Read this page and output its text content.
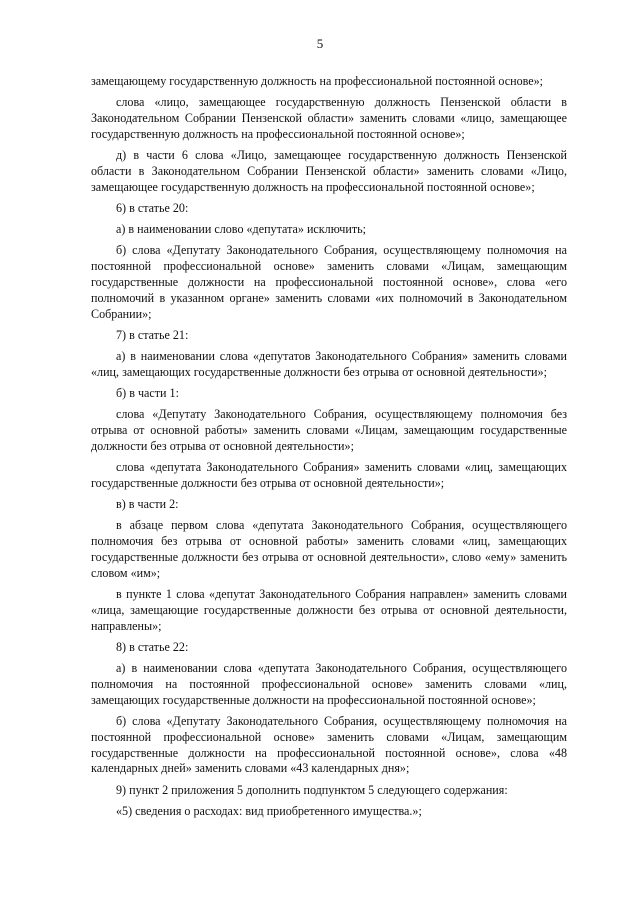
5

замещающему государственную должность на профессиональной постоянной основе»;

слова «лицо, замещающее государственную должность Пензенской области в Законодательном Собрании Пензенской области» заменить словами «лицо, замещающее государственную должность на профессиональной постоянной основе»;

д) в части 6 слова «Лицо, замещающее государственную должность Пензенской области в Законодательном Собрании Пензенской области» заменить словами «Лицо, замещающее государственную должность на профессиональной постоянной основе»;

6) в статье 20:

а) в наименовании слово «депутата» исключить;

б) слова «Депутату Законодательного Собрания, осуществляющему полномочия на постоянной профессиональной основе» заменить словами «Лицам, замещающим государственные должности на профессиональной постоянной основе», слова «его полномочий в указанном органе» заменить словами «их полномочий в Законодательном Собрании»;

7) в статье 21:

а) в наименовании слова «депутатов Законодательного Собрания» заменить словами «лиц, замещающих государственные должности без отрыва от основной деятельности»;

б) в части 1:

слова «Депутату Законодательного Собрания, осуществляющему полномочия без отрыва от основной работы» заменить словами «Лицам, замещающим государственные должности без отрыва от основной деятельности»;

слова «депутата Законодательного Собрания» заменить словами «лиц, замещающих государственные должности без отрыва от основной деятельности»;

в) в части 2:

в абзаце первом слова «депутата Законодательного Собрания, осуществляющего полномочия без отрыва от основной работы» заменить словами «лиц, замещающих государственные должности без отрыва от основной деятельности», слово «ему» заменить словом «им»;

в пункте 1 слова «депутат Законодательного Собрания направлен» заменить словами «лица, замещающие государственные должности без отрыва от основной деятельности, направлены»;

8) в статье 22:

а) в наименовании слова «депутата Законодательного Собрания, осуществляющего полномочия на постоянной профессиональной основе» заменить словами «лиц, замещающих государственные должности на профессиональной постоянной основе»;

б) слова «Депутату Законодательного Собрания, осуществляющему полномочия на постоянной профессиональной основе» заменить словами «Лицам, замещающим государственные должности на профессиональной постоянной основе», слова «48 календарных дней» заменить словами «43 календарных дня»;

9) пункт 2 приложения 5 дополнить подпунктом 5 следующего содержания:

«5) сведения о расходах: вид приобретенного имущества.»;
